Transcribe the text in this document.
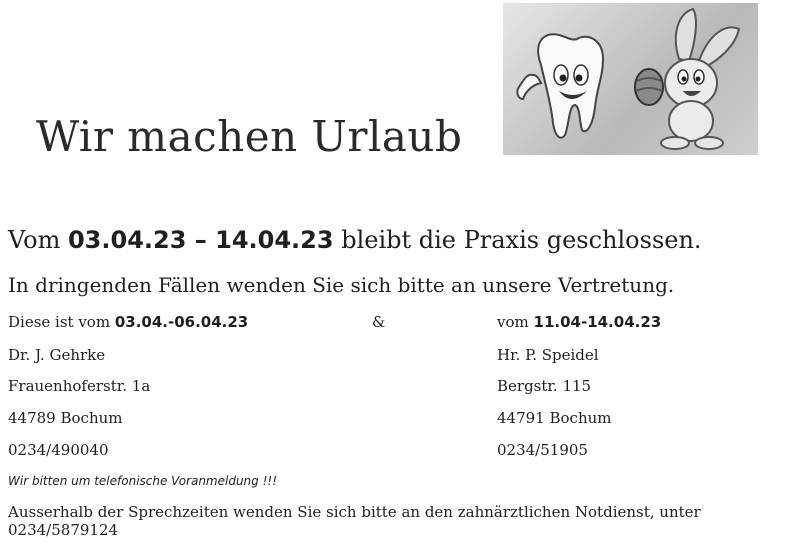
Wir machen Urlaub
Vom 03.04.23 – 14.04.23 bleibt die Praxis geschlossen.
In dringenden Fällen wenden Sie sich bitte an unsere Vertretung.
Diese ist vom 03.04.-06.04.23	&	vom 11.04-14.04.23
Dr. J. Gehrke
Frauenhoferstr. 1a
44789 Bochum
0234/490040
Hr. P. Speidel
Bergstr. 115
44791 Bochum
0234/51905
Wir bitten um telefonische Voranmeldung !!!
Ausserhalb der Sprechzeiten wenden Sie sich bitte an den zahnärztlichen Notdienst, unter
0234/5879124
